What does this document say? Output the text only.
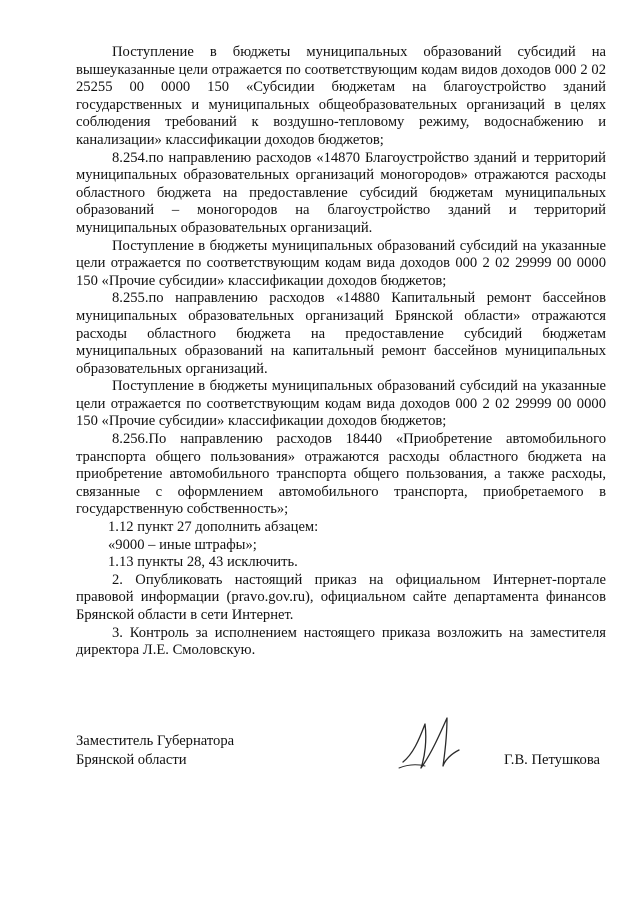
Поступление в бюджеты муниципальных образований субсидий на вышеуказанные цели отражается по соответствующим кодам видов доходов 000 2 02 25255 00 0000 150 «Субсидии бюджетам на благоустройство зданий государственных и муниципальных общеобразовательных организаций в целях соблюдения требований к воздушно-тепловому режиму, водоснабжению и канализации» классификации доходов бюджетов;

8.254.по направлению расходов «14870 Благоустройство зданий и территорий муниципальных образовательных организаций моногородов» отражаются расходы областного бюджета на предоставление субсидий бюджетам муниципальных образований – моногородов на благоустройство зданий и территорий муниципальных образовательных организаций.

Поступление в бюджеты муниципальных образований субсидий на указанные цели отражается по соответствующим кодам вида доходов 000 2 02 29999 00 0000 150 «Прочие субсидии» классификации доходов бюджетов;

8.255.по направлению расходов «14880 Капитальный ремонт бассейнов муниципальных образовательных организаций Брянской области» отражаются расходы областного бюджета на предоставление субсидий бюджетам муниципальных образований на капитальный ремонт бассейнов муниципальных образовательных организаций.

Поступление в бюджеты муниципальных образований субсидий на указанные цели отражается по соответствующим кодам вида доходов 000 2 02 29999 00 0000 150 «Прочие субсидии» классификации доходов бюджетов;

8.256.По направлению расходов 18440 «Приобретение автомобильного транспорта общего пользования» отражаются расходы областного бюджета на приобретение автомобильного транспорта общего пользования, а также расходы, связанные с оформлением автомобильного транспорта, приобретаемого в государственную собственность»;

1.12 пункт 27 дополнить абзацем:

«9000 – иные штрафы»;

1.13 пункты 28, 43 исключить.

2. Опубликовать настоящий приказ на официальном Интернет-портале правовой информации (pravo.gov.ru), официальном сайте департамента финансов Брянской области в сети Интернет.

3. Контроль за исполнением настоящего приказа возложить на заместителя директора Л.Е. Смоловскую.

Заместитель Губернатора
Брянской области	Г.В. Петушкова
